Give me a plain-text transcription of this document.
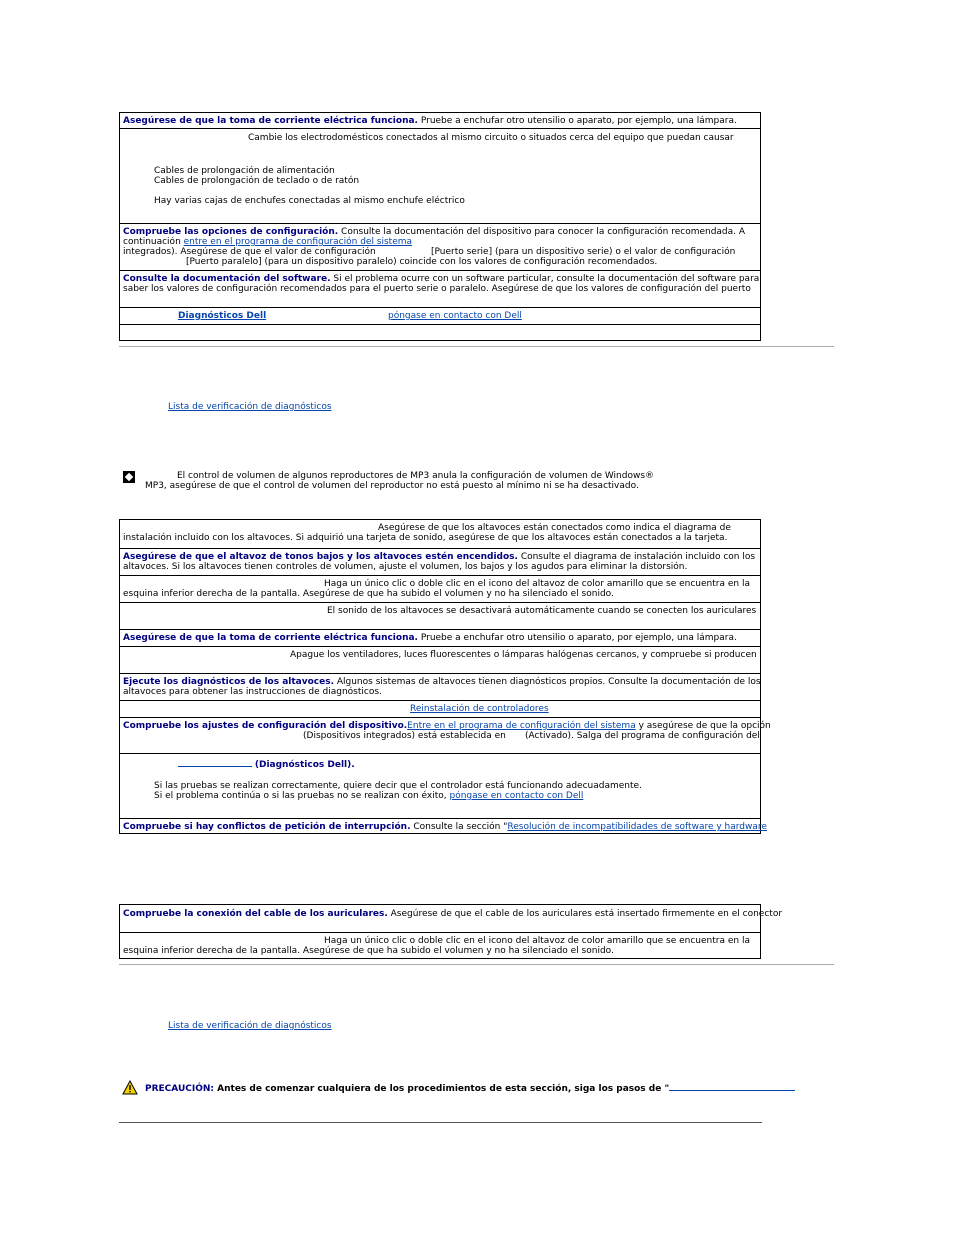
Asegúrese de que la toma de corriente eléctrica funciona. Pruebe a enchufar otro utensilio o aparato, por ejemplo, una lámpara.
Cambie los electrodomésticos conectados al mismo circuito o situados cerca del equipo que puedan causar
Cables de prolongación de alimentación
Cables de prolongación de teclado o de ratón
Hay varias cajas de enchufes conectadas al mismo enchufe eléctrico
Compruebe las opciones de configuración. Consulte la documentación del dispositivo para conocer la configuración recomendada. A
continuación entre en el programa de configuración del sistema
integrados). Asegúrese de que el valor de configuración	[Puerto serie] (para un dispositivo serie) o el valor de configuración
[Puerto paralelo] (para un dispositivo paralelo) coincide con los valores de configuración recomendados.
Consulte la documentación del software. Si el problema ocurre con un software particular, consulte la documentación del software para
saber los valores de configuración recomendados para el puerto serie o paralelo. Asegúrese de que los valores de configuración del puerto
Diagnósticos Dell	póngase en contacto con Dell
Lista de verificación de diagnósticos
El control de volumen de algunos reproductores de MP3 anula la configuración de volumen de Windows®
MP3, asegúrese de que el control de volumen del reproductor no está puesto al mínimo ni se ha desactivado.
Asegúrese de que los altavoces están conectados como indica el diagrama de
instalación incluido con los altavoces. Si adquirió una tarjeta de sonido, asegúrese de que los altavoces están conectados a la tarjeta.
Asegúrese de que el altavoz de tonos bajos y los altavoces estén encendidos. Consulte el diagrama de instalación incluido con los
altavoces. Si los altavoces tienen controles de volumen, ajuste el volumen, los bajos y los agudos para eliminar la distorsión.
Haga un único clic o doble clic en el icono del altavoz de color amarillo que se encuentra en la
esquina inferior derecha de la pantalla. Asegúrese de que ha subido el volumen y no ha silenciado el sonido.
El sonido de los altavoces se desactivará automáticamente cuando se conecten los auriculares
Asegúrese de que la toma de corriente eléctrica funciona. Pruebe a enchufar otro utensilio o aparato, por ejemplo, una lámpara.
Apague los ventiladores, luces fluorescentes o lámparas halógenas cercanos, y compruebe si producen
Ejecute los diagnósticos de los altavoces. Algunos sistemas de altavoces tienen diagnósticos propios. Consulte la documentación de los
altavoces para obtener las instrucciones de diagnósticos.
Reinstalación de controladores
Compruebe los ajustes de configuración del dispositivo.Entre en el programa de configuración del sistema y asegúrese de que la opción
(Dispositivos integrados) está establecida en	(Activado). Salga del programa de configuración del
(Diagnósticos Dell).
Si las pruebas se realizan correctamente, quiere decir que el controlador está funcionando adecuadamente.
Si el problema continúa o si las pruebas no se realizan con éxito, póngase en contacto con Dell
Compruebe si hay conflictos de petición de interrupción. Consulte la sección "Resolución de incompatibilidades de software y hardware
Compruebe la conexión del cable de los auriculares. Asegúrese de que el cable de los auriculares está insertado firmemente en el conector
Haga un único clic o doble clic en el icono del altavoz de color amarillo que se encuentra en la
esquina inferior derecha de la pantalla. Asegúrese de que ha subido el volumen y no ha silenciado el sonido.
Lista de verificación de diagnósticos
PRECAUCIÓN: Antes de comenzar cualquiera de los procedimientos de esta sección, siga los pasos de "
